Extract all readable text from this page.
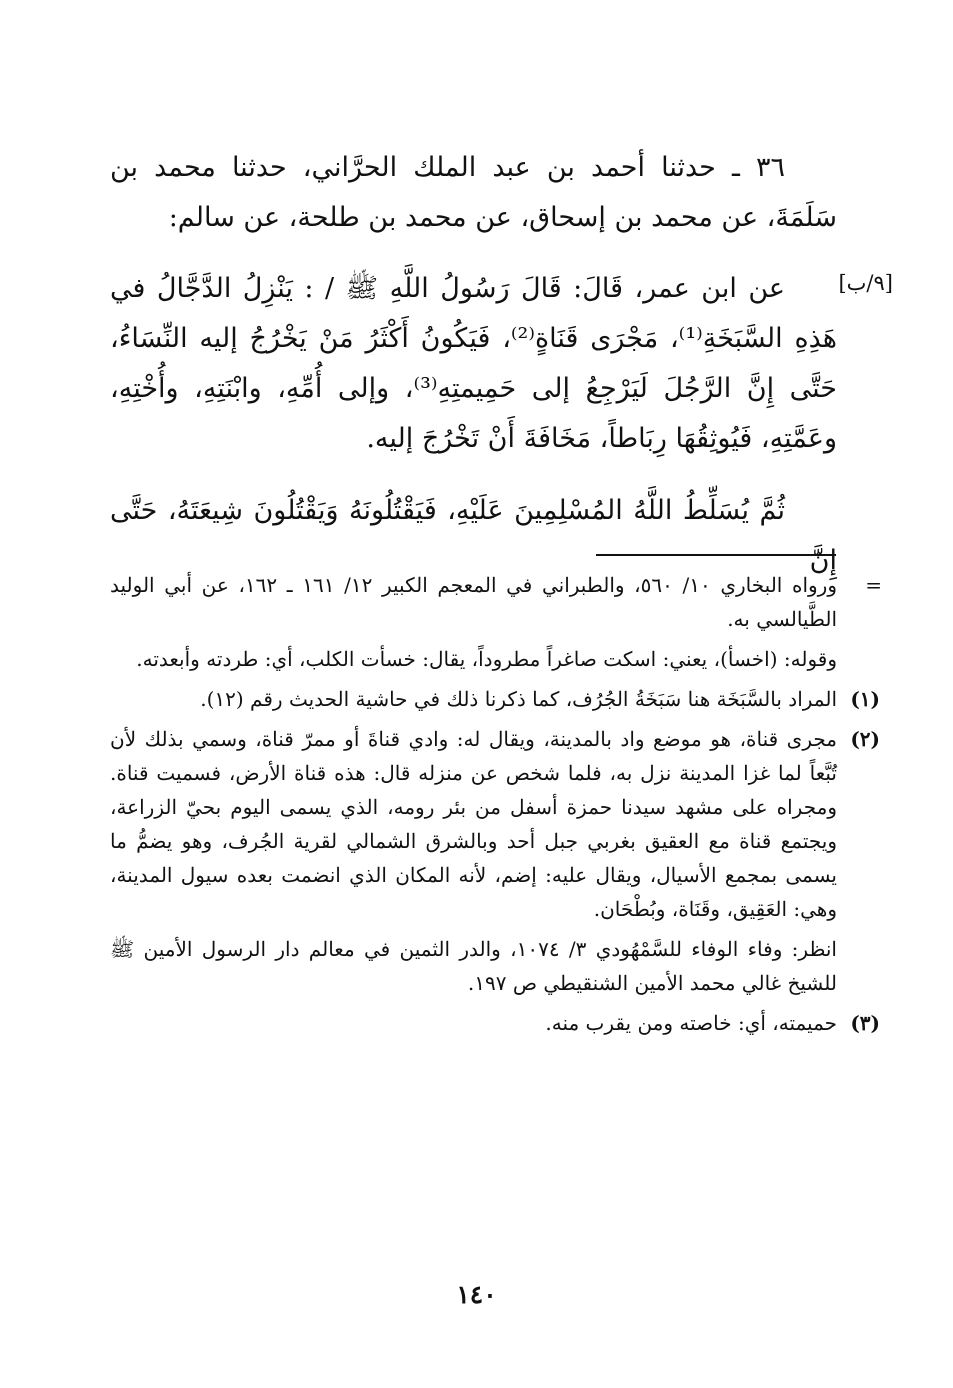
[٩/ب]

٣٦ ـ حدثنا أحمد بن عبد الملك الحرَّاني، حدثنا محمد بن سَلَمَةَ، عن محمد بن إسحاق، عن محمد بن طلحة، عن سالم:

عن ابن عمر، قَالَ: قَالَ رَسُولُ اللَّهِ ﷺ / : يَنْزِلُ الدَّجَّالُ في هَذِهِ السَّبَخَةِ⁽¹⁾، مَجْرَى قَنَاةٍ⁽²⁾، فَيَكُونُ أَكْثَرُ مَنْ يَخْرُجُ إليه النِّسَاءُ، حَتَّى إِنَّ الرَّجُلَ لَيَرْجِعُ إلى حَمِيمتِهِ⁽³⁾، وإلى أُمِّهِ، وابْنَتِهِ، وأُخْتِهِ، وعَمَّتِهِ، فَيُوثِقُهَا رِبَاطاً، مَخَافَةَ أَنْ تَخْرُجَ إليه.

ثُمَّ يُسَلِّطُ اللَّهُ المُسْلِمِينَ عَلَيْهِ، فَيَقْتُلُونَهُ وَيَقْتُلُونَ شِيعَتَهُ، حَتَّى إِنَّ

=
ورواه البخاري ١٠/ ٥٦٠، والطبراني في المعجم الكبير ١٢/ ١٦١ ـ ١٦٢، عن أبي الوليد الطَّيالسي به.
وقوله: (اخسأ)، يعني: اسكت صاغراً مطروداً، يقال: خسأت الكلب، أي: طردته وأبعدته.
(١)
المراد بالسَّبَخَة هنا سَبَخَةُ الجُرُف، كما ذكرنا ذلك في حاشية الحديث رقم (١٢).
(٢)
مجرى قناة، هو موضع واد بالمدينة، ويقال له: وادي قناةَ أو ممرّ قناة، وسمي بذلك لأن تُبَّعاً لما غزا المدينة نزل به، فلما شخص عن منزله قال: هذه قناة الأرض، فسميت قناة. ومجراه على مشهد سيدنا حمزة أسفل من بئر رومه، الذي يسمى اليوم بحيّ الزراعة، ويجتمع قناة مع العقيق بغربي جبل أحد وبالشرق الشمالي لقرية الجُرف، وهو يضمُّ ما يسمى بمجمع الأسيال، ويقال عليه: إضم، لأنه المكان الذي انضمت بعده سيول المدينة، وهي: العَقِيق، وقَنَاة، وبُطْحَان.
انظر: وفاء الوفاء للسَّمْهُودي ٣/ ١٠٧٤، والدر الثمين في معالم دار الرسول الأمين ﷺ للشيخ غالي محمد الأمين الشنقيطي ص ١٩٧.
(٣)
حميمته، أي: خاصته ومن يقرب منه.
١٤٠
